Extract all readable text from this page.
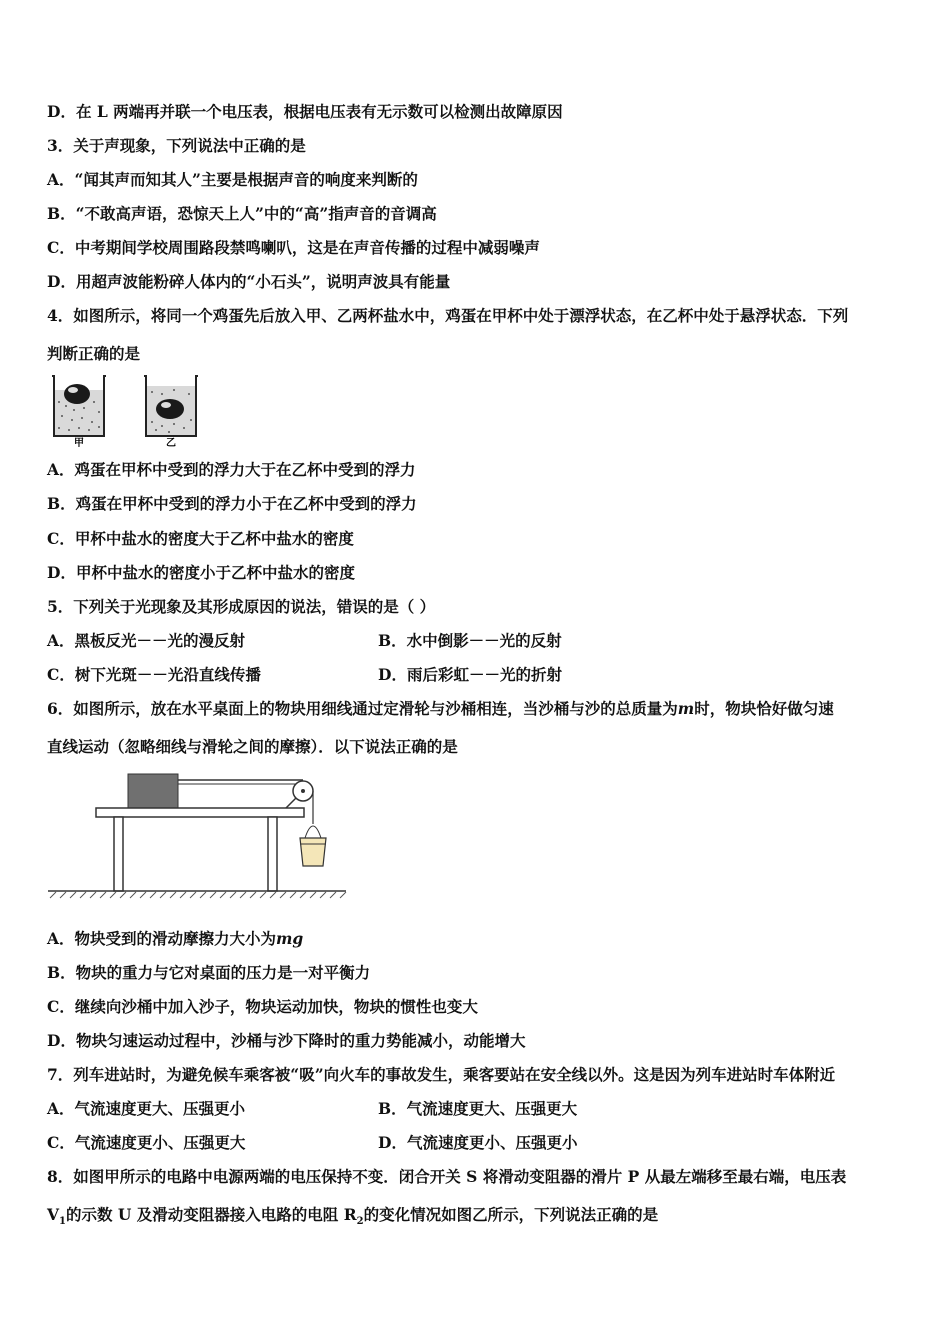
D．在 L 两端再并联一个电压表，根据电压表有无示数可以检测出故障原因
3．关于声现象，下列说法中正确的是
A．“闻其声而知其人”主要是根据声音的响度来判断的
B．“不敢高声语，恐惊天上人”中的“高”指声音的音调高
C．中考期间学校周围路段禁鸣喇叭，这是在声音传播的过程中减弱噪声
D．用超声波能粉碎人体内的“小石头”，说明声波具有能量
4．如图所示，将同一个鸡蛋先后放入甲、乙两杯盐水中，鸡蛋在甲杯中处于漂浮状态，在乙杯中处于悬浮状态．下列
判断正确的是
甲	乙
A．鸡蛋在甲杯中受到的浮力大于在乙杯中受到的浮力
B．鸡蛋在甲杯中受到的浮力小于在乙杯中受到的浮力
C．甲杯中盐水的密度大于乙杯中盐水的密度
D．甲杯中盐水的密度小于乙杯中盐水的密度
5．下列关于光现象及其形成原因的说法，错误的是（ ）
A．黑板反光－－光的漫反射	B．水中倒影－－光的反射
C．树下光斑－－光沿直线传播	D．雨后彩虹－－光的折射
6．如图所示，放在水平桌面上的物块用细线通过定滑轮与沙桶相连，当沙桶与沙的总质量为m时，物块恰好做匀速
直线运动（忽略细线与滑轮之间的摩擦）．以下说法正确的是
A．物块受到的滑动摩擦力大小为mg
B．物块的重力与它对桌面的压力是一对平衡力
C．继续向沙桶中加入沙子，物块运动加快，物块的惯性也变大
D．物块匀速运动过程中，沙桶与沙下降时的重力势能减小，动能增大
7．列车进站时，为避免候车乘客被“吸”向火车的事故发生，乘客要站在安全线以外。这是因为列车进站时车体附近
A．气流速度更大、压强更小	B．气流速度更大、压强更大
C．气流速度更小、压强更大	D．气流速度更小、压强更小
8．如图甲所示的电路中电源两端的电压保持不变．闭合开关 S 将滑动变阻器的滑片 P 从最左端移至最右端，电压表
$V_1$的示数 U 及滑动变阻器接入电路的电阻 $R_2$的变化情况如图乙所示，下列说法正确的是
